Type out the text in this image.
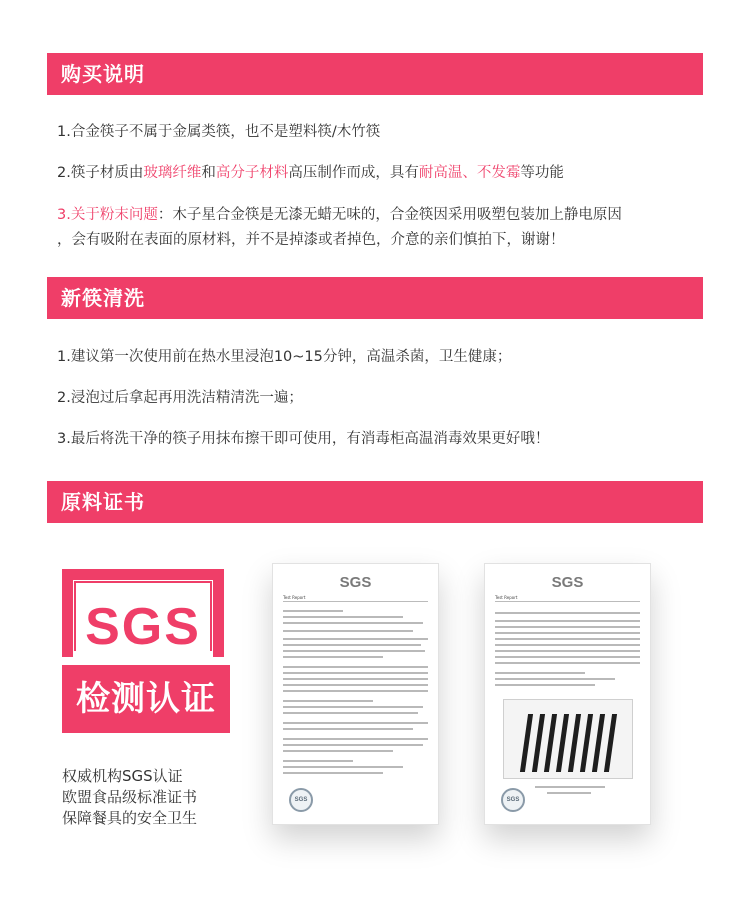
购买说明
1.合金筷子不属于金属类筷，也不是塑料筷/木竹筷
2.筷子材质由玻璃纤维和高分子材料高压制作而成，具有耐高温、不发霉等功能
3.关于粉末问题：木子星合金筷是无漆无蜡无味的，合金筷因采用吸塑包装加上静电原因
，会有吸附在表面的原材料，并不是掉漆或者掉色，介意的亲们慎拍下，谢谢！
新筷清洗
1.建议第一次使用前在热水里浸泡10~15分钟，高温杀菌，卫生健康；
2.浸泡过后拿起再用洗洁精清洗一遍；
3.最后将洗干净的筷子用抹布擦干即可使用，有消毒柜高温消毒效果更好哦！
原料证书
SGS
检测认证
权威机构SGS认证
欧盟食品级标准证书
保障餐具的安全卫生
SGS
Test Report
SGS
SGS
Test Report
SGS
